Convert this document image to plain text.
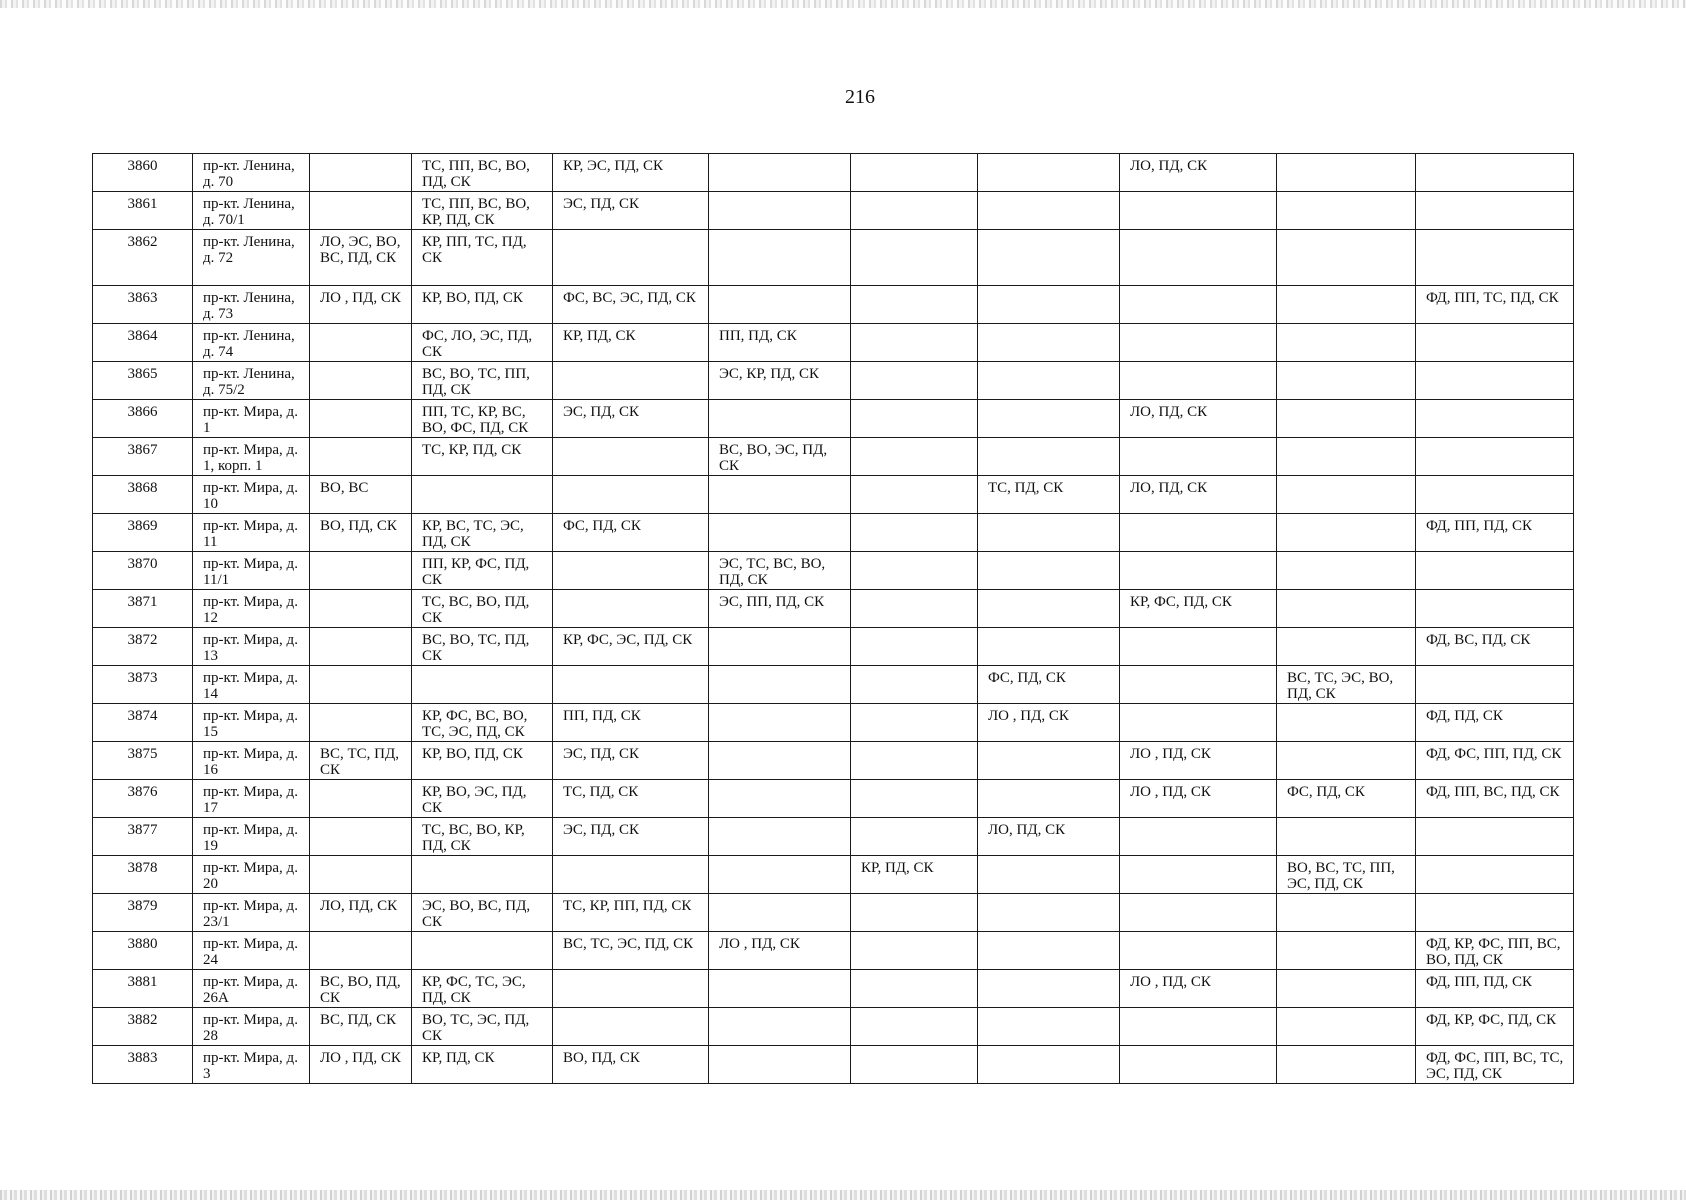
216
3860	пр-кт. Ленина, д. 70		ТС, ПП, ВС, ВО, ПД, СК	КР, ЭС, ПД, СК				ЛО, ПД, СК		
3861	пр-кт. Ленина, д. 70/1		ТС, ПП, ВС, ВО, КР, ПД, СК	ЭС, ПД, СК						
3862	пр-кт. Ленина, д. 72	ЛО, ЭС, ВО, ВС, ПД, СК	КР, ПП, ТС, ПД, СК							
3863	пр-кт. Ленина, д. 73	ЛО , ПД, СК	КР, ВО, ПД, СК	ФС, ВС, ЭС, ПД, СК						ФД, ПП, ТС, ПД, СК
3864	пр-кт. Ленина, д. 74		ФС, ЛО, ЭС, ПД, СК	КР, ПД, СК	ПП, ПД, СК					
3865	пр-кт. Ленина, д. 75/2		ВС, ВО, ТС, ПП, ПД, СК		ЭС, КР, ПД, СК					
3866	пр-кт. Мира, д. 1		ПП, ТС, КР, ВС, ВО, ФС, ПД, СК	ЭС, ПД, СК				ЛО, ПД, СК		
3867	пр-кт. Мира, д. 1, корп. 1		ТС, КР, ПД, СК		ВС, ВО, ЭС, ПД, СК					
3868	пр-кт. Мира, д. 10	ВО, ВС					ТС, ПД, СК	ЛО, ПД, СК		
3869	пр-кт. Мира, д. 11	ВО, ПД, СК	КР, ВС, ТС, ЭС, ПД, СК	ФС, ПД, СК						ФД, ПП, ПД, СК
3870	пр-кт. Мира, д. 11/1		ПП, КР, ФС, ПД, СК		ЭС, ТС, ВС, ВО, ПД, СК					
3871	пр-кт. Мира, д. 12		ТС, ВС, ВО, ПД, СК		ЭС, ПП, ПД, СК			КР, ФС, ПД, СК		
3872	пр-кт. Мира, д. 13		ВС, ВО, ТС, ПД, СК	КР, ФС, ЭС, ПД, СК						ФД, ВС, ПД, СК
3873	пр-кт. Мира, д. 14						ФС, ПД, СК		ВС, ТС, ЭС, ВО, ПД, СК	
3874	пр-кт. Мира, д. 15		КР, ФС, ВС, ВО, ТС, ЭС, ПД, СК	ПП, ПД, СК			ЛО , ПД, СК			ФД, ПД, СК
3875	пр-кт. Мира, д. 16	ВС, ТС, ПД, СК	КР, ВО, ПД, СК	ЭС, ПД, СК				ЛО , ПД, СК		ФД, ФС, ПП, ПД, СК
3876	пр-кт. Мира, д. 17		КР, ВО, ЭС, ПД, СК	ТС, ПД, СК				ЛО , ПД, СК	ФС, ПД, СК	ФД, ПП, ВС, ПД, СК
3877	пр-кт. Мира, д. 19		ТС, ВС, ВО, КР, ПД, СК	ЭС, ПД, СК			ЛО, ПД, СК			
3878	пр-кт. Мира, д. 20					КР, ПД, СК			ВО, ВС, ТС, ПП, ЭС, ПД, СК	
3879	пр-кт. Мира, д. 23/1	ЛО, ПД, СК	ЭС, ВО, ВС, ПД, СК	ТС, КР, ПП, ПД, СК						
3880	пр-кт. Мира, д. 24			ВС, ТС, ЭС, ПД, СК	ЛО , ПД, СК					ФД, КР, ФС, ПП, ВС, ВО, ПД, СК
3881	пр-кт. Мира, д. 26А	ВС, ВО, ПД, СК	КР, ФС, ТС, ЭС, ПД, СК					ЛО , ПД, СК		ФД, ПП, ПД, СК
3882	пр-кт. Мира, д. 28	ВС, ПД, СК	ВО, ТС, ЭС, ПД, СК							ФД, КР, ФС, ПД, СК
3883	пр-кт. Мира, д. 3	ЛО , ПД, СК	КР, ПД, СК	ВО, ПД, СК						ФД, ФС, ПП, ВС, ТС, ЭС, ПД, СК
